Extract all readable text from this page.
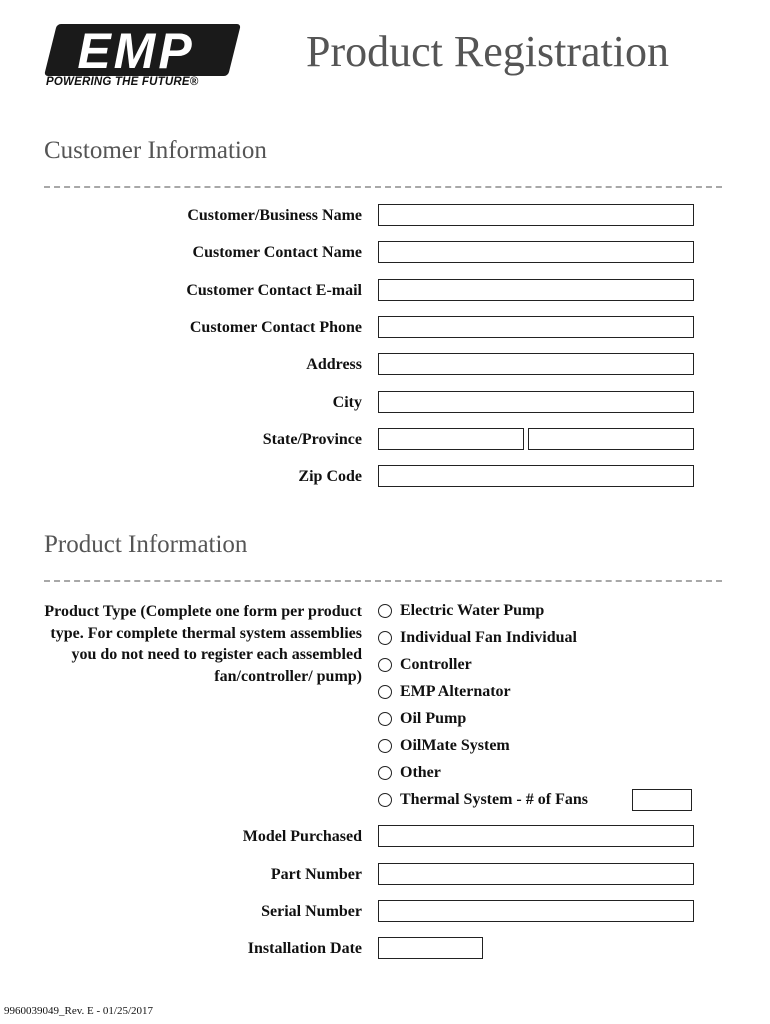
EMP
POWERING THE FUTURE®
Product Registration
Customer Information
Customer/Business Name
Customer Contact Name
Customer Contact E-mail
Customer Contact Phone
Address
City
State/Province
Zip Code
Product Information
Product Type (Complete one form per product type. For complete thermal system assemblies you do not need to register each assembled fan/controller/ pump)
Electric Water Pump
Individual Fan Individual
Controller
EMP Alternator
Oil Pump
OilMate System
Other
Thermal System - # of Fans
Model Purchased
Part Number
Serial Number
Installation Date
9960039049_Rev. E - 01/25/2017
